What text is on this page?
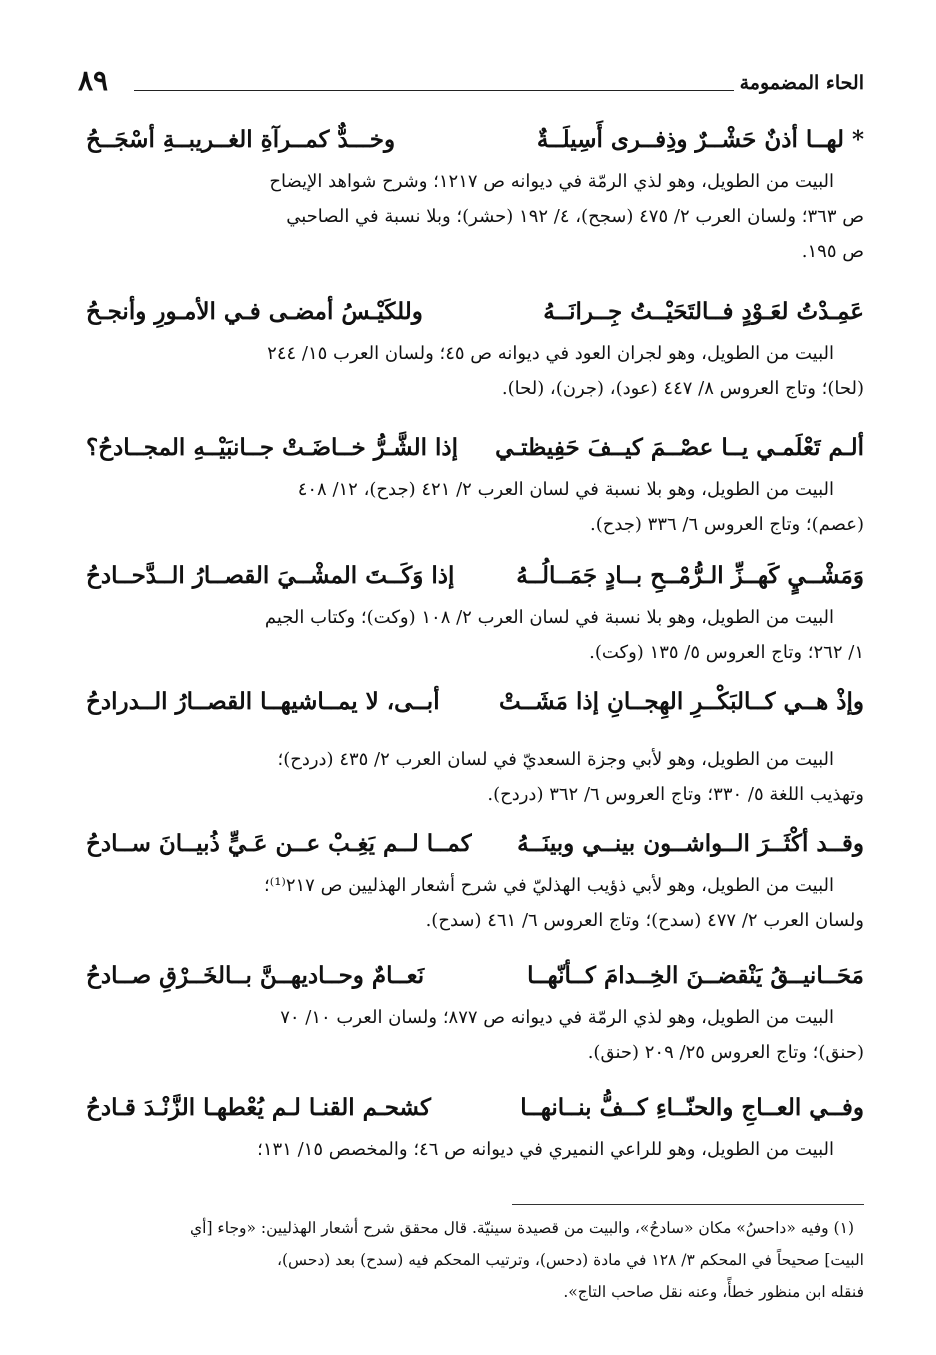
الحاء المضمومة
٨٩
* لهــا أذنٌ حَشْــرٌ وذِفــرى أَسِيلَــةٌ
وخـــدٌّ كمــرآةِ الغــريبــةِ أسْجَــحُ
البيت من الطويل، وهو لذي الرمّة في ديوانه ص ١٢١٧؛ وشرح شواهد الإيضاح
ص ٣٦٣؛ ولسان العرب ٢/ ٤٧٥ (سجح)، ٤/ ١٩٢ (حشر)؛ وبلا نسبة في الصاحبي
ص ١٩٥.
عَمِـدْتُ لعَـوْدٍ فــالتَحَيْــتُ جِــرانَــهُ
وللكَيْـسُ أمضـى فـي الأمـورِ وأنجـحُ
البيت من الطويل، وهو لجران العود في ديوانه ص ٤٥؛ ولسان العرب ١٥/ ٢٤٤
(لحا)؛ وتاج العروس ٨/ ٤٤٧ (عود)، (جرن)، (لحا).
ألـم تَعْلَمـي يــا عصْــمَ كيــفَ حَفِيظتـي
إذا الشَّـرُّ خــاضَـتْ جــانبَيْــهِ المجــادحُ؟
البيت من الطويل، وهو بلا نسبة في لسان العرب ٢/ ٤٢١ (جدح)، ١٢/ ٤٠٨
(عصم)؛ وتاج العروس ٦/ ٣٣٦ (جدح).
وَمَشْــيٍ كَهــزِّ الـرُّمْــحِ بــادٍ جَمَــالُــهُ
إذا وَكَــتَ المشْــيَ القصــارُ الــدَّحــادحُ
البيت من الطويل، وهو بلا نسبة في لسان العرب ٢/ ١٠٨ (وكت)؛ وكتاب الجيم
١/ ٢٦٢؛ وتاج العروس ٥/ ١٣٥ (وكت).
وإذْ هــي كــالبَكْــرِ الهِجــانِ إذا مَشَــتْ
أبــى، لا يمــاشيهــا القصــارُ الــدرادحُ
البيت من الطويل، وهو لأبي وجزة السعديّ في لسان العرب ٢/ ٤٣٥ (دردح)؛
وتهذيب اللغة ٥/ ٣٣٠؛ وتاج العروس ٦/ ٣٦٢ (دردح).
وقــد أكْثَــرَ الــواشــون بينــي وبينَــهُ
كمــا لــم يَغِـبْ عــن عَـيٍّ ذُبيــانَ ســادحُ
البيت من الطويل، وهو لأبي ذؤيب الهذليّ في شرح أشعار الهذليين ص ٢١٧⁽¹⁾؛
ولسان العرب ٢/ ٤٧٧ (سدح)؛ وتاج العروس ٦/ ٤٦١ (سدح).
مَحَــانيــقُ يَنْقضــنَ الخِــدامَ كــأنّهــا
نَعــامٌ وحــاديهــنَّ بــالخَــرْقِ صــادحُ
البيت من الطويل، وهو لذي الرمّة في ديوانه ص ٨٧٧؛ ولسان العرب ١٠/ ٧٠
(حنق)؛ وتاج العروس ٢٥/ ٢٠٩ (حنق).
وفــي العــاجِ والحنّــاءِ كــفُّ بنــانهــا
كشحـم القنـا لـم يُعْطهـا الزَّنْـدَ قـادحُ
البيت من الطويل، وهو للراعي النميري في ديوانه ص ٤٦؛ والمخصص ١٥/ ١٣١؛
(١) وفيه «داحسُ» مكان «سادحُ»، والبيت من قصيدة سينيّة. قال محقق شرح أشعار الهذليين: «وجاء [أي
البيت] صحيحاً في المحكم ٣/ ١٢٨ في مادة (دحس)، وترتيب المحكم فيه (سدح) بعد (دحس)،
فنقله ابن منظور خطأً، وعنه نقل صاحب التاج».
